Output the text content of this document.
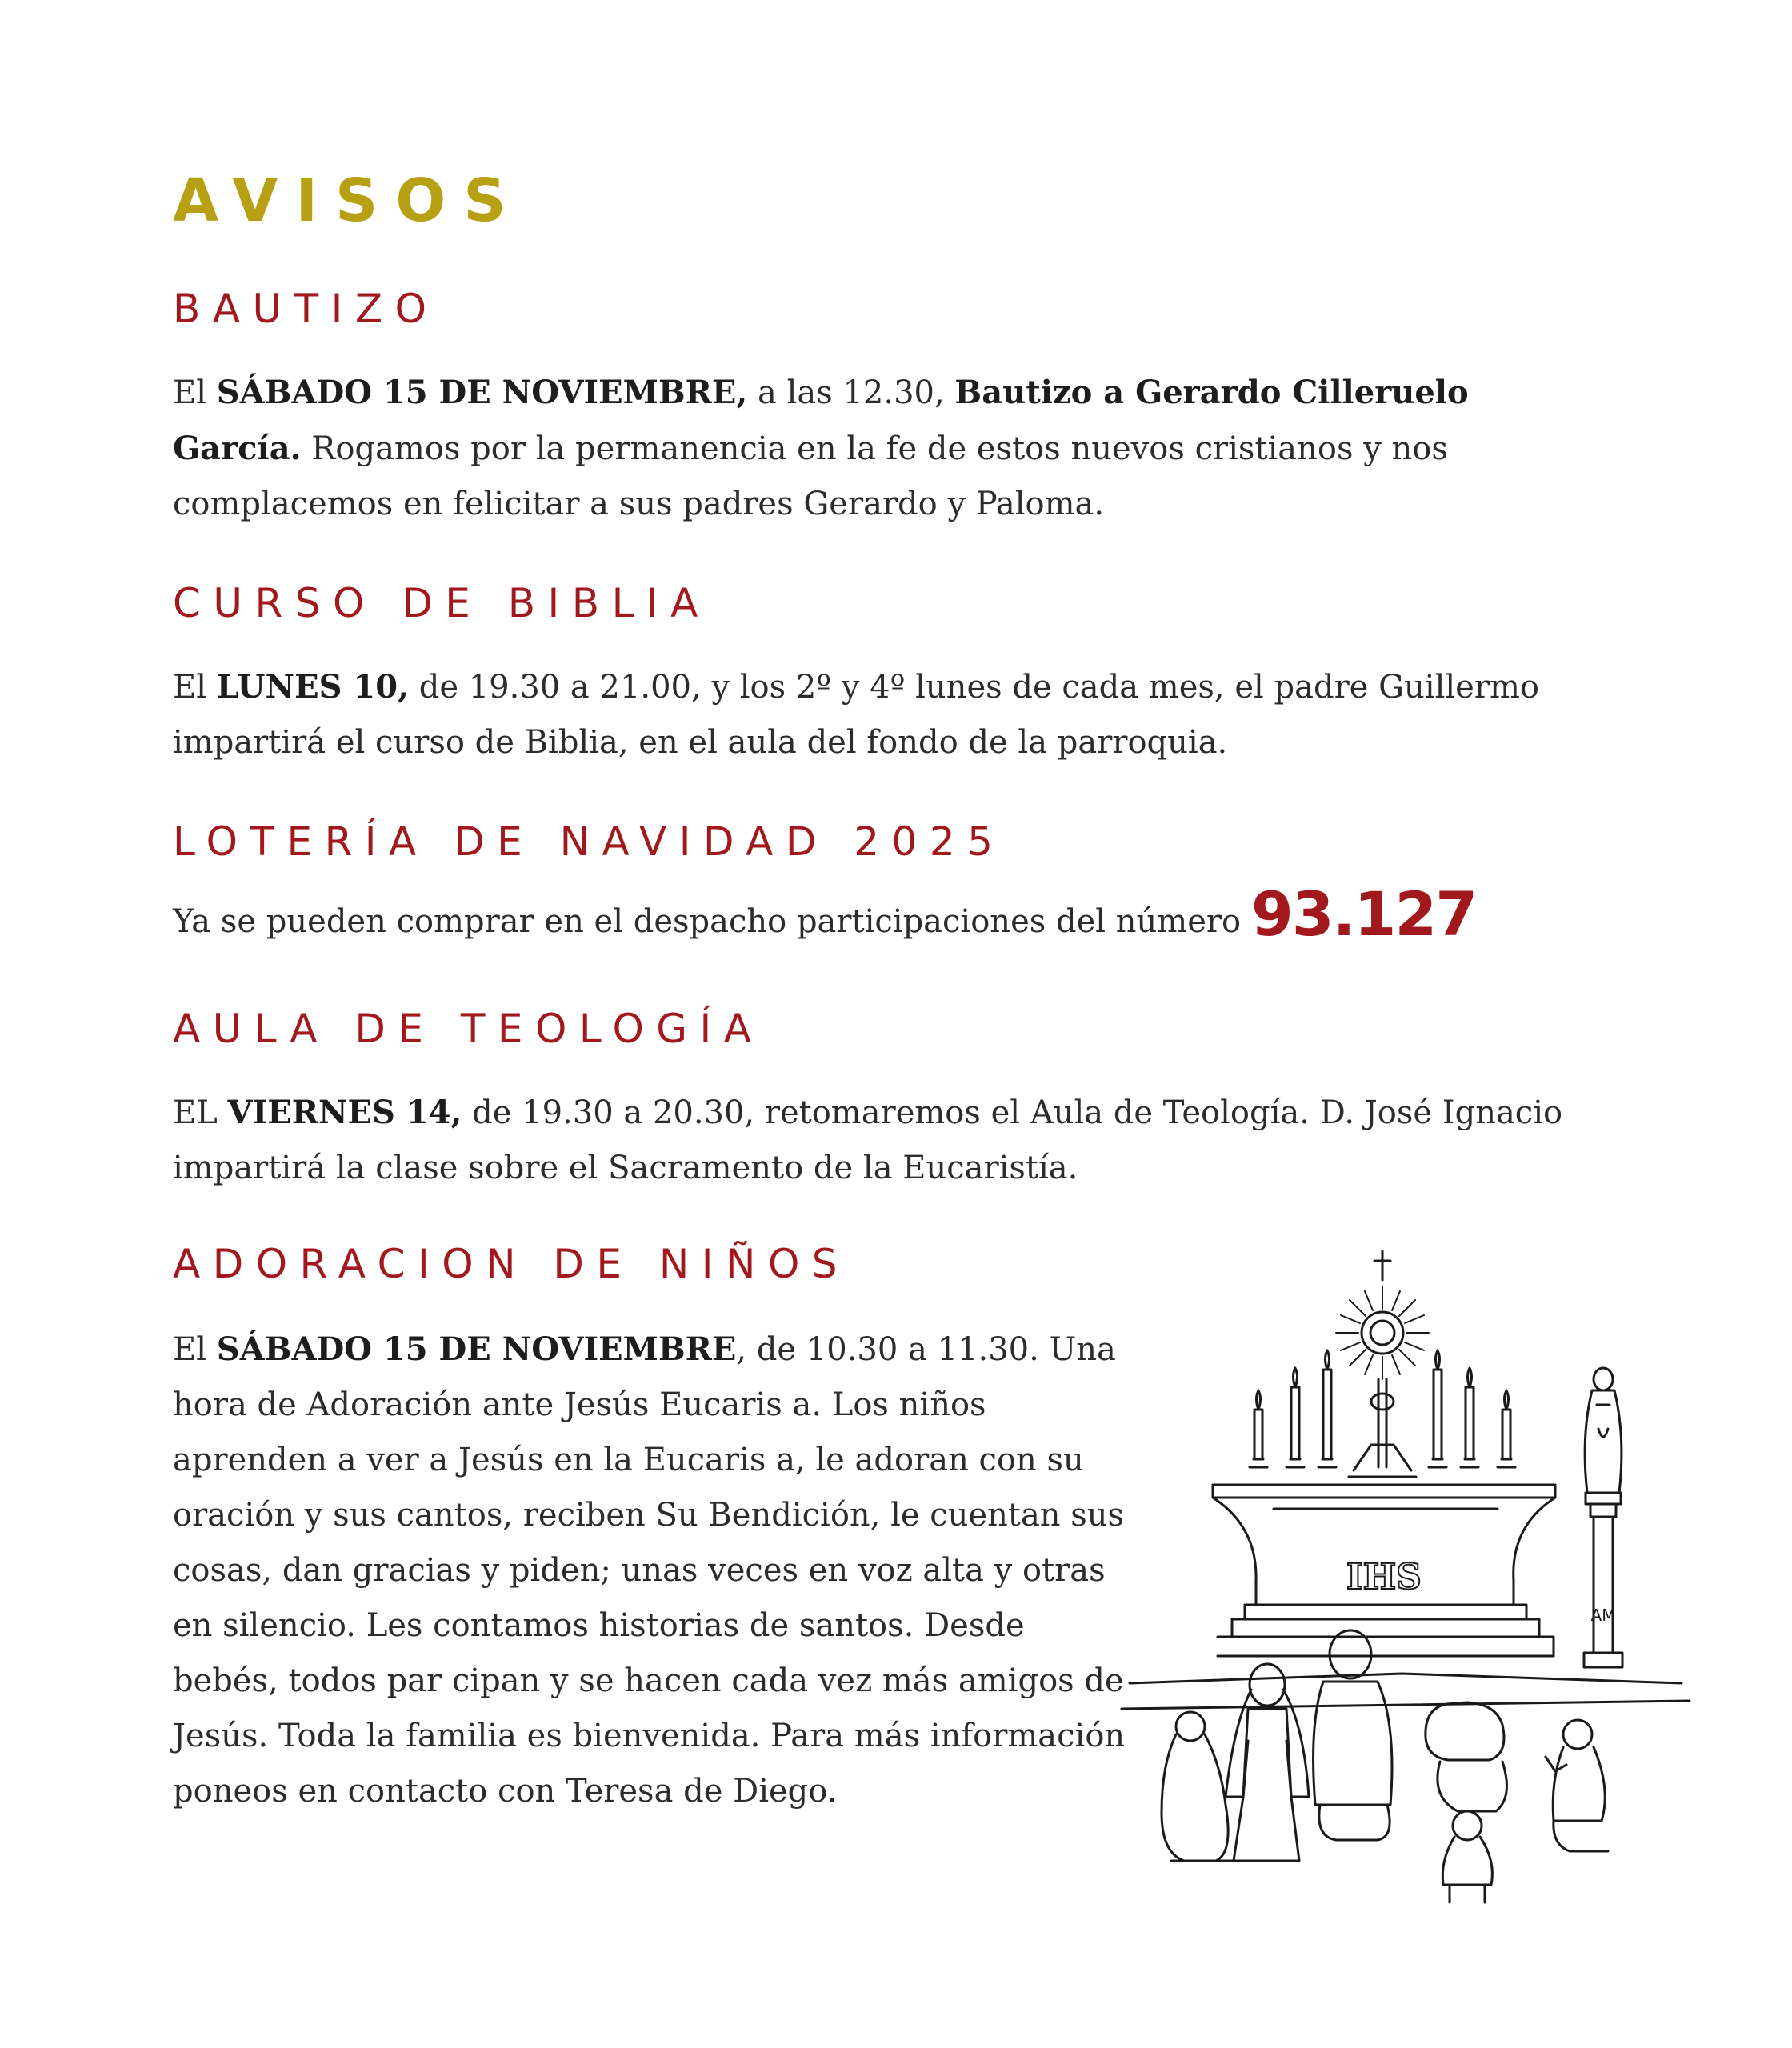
AVISOS
BAUTIZO

El SÁBADO 15 DE NOVIEMBRE, a las 12.30, Bautizo a Gerardo Cilleruelo García. Rogamos por la permanencia en la fe de estos nuevos cristianos y nos complacemos en felicitar a sus padres Gerardo y Paloma.

CURSO DE BIBLIA

El LUNES 10, de 19.30 a 21.00, y los 2º y 4º lunes de cada mes, el padre Guillermo impartirá el curso de Biblia, en el aula del fondo de la parroquia.

LOTERÍA DE NAVIDAD 2025

Ya se pueden comprar en el despacho participaciones del número 93.127

AULA DE TEOLOGÍA

EL VIERNES 14, de 19.30 a 20.30, retomaremos el Aula de Teología. D. José Ignacio impartirá la clase sobre el Sacramento de la Eucaristía.

ADORACION DE NIÑOS

El SÁBADO 15 DE NOVIEMBRE, de 10.30 a 11.30. Una hora de Adoración ante Jesús Eucaris a. Los niños aprenden a ver a Jesús en la Eucaris a, le adoran con su oración y sus cantos, reciben Su Bendición, le cuentan sus cosas, dan gracias y piden; unas veces en voz alta y otras en silencio. Les contamos historias de santos. Desde bebés, todos par cipan y se hacen cada vez más amigos de Jesús. Toda la familia es bienvenida. Para más información poneos en contacto con Teresa de Diego.

IHS
AM
